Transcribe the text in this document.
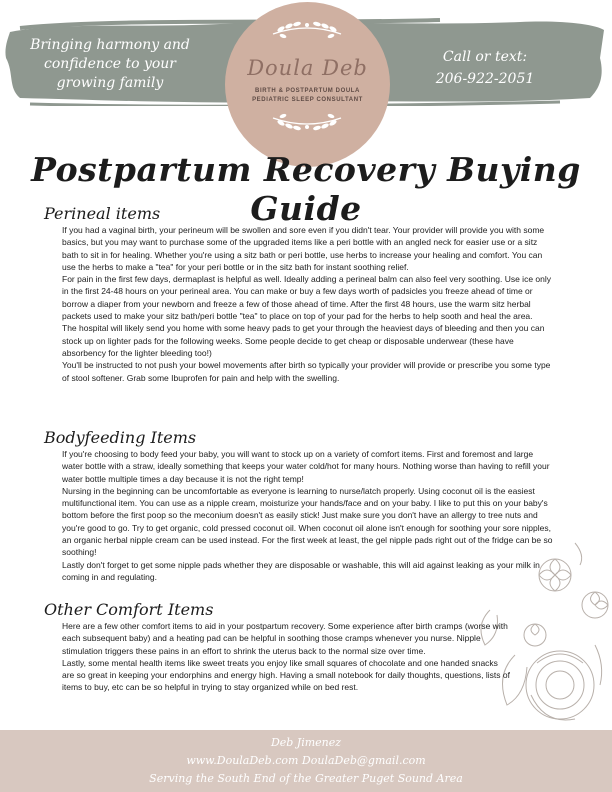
Bringing harmony and
confidence to your
growing family
Call or text:
206-922-2051
Doula Deb
BIRTH & POSTPARTUM DOULA
PEDIATRIC SLEEP CONSULTANT
Postpartum Recovery Buying Guide
Perineal items

If you had a vaginal birth, your perineum will be swollen and sore even if you didn't tear. Your provider will provide you with some basics, but you may want to purchase some of the upgraded items like a peri bottle with an angled neck for easier use or a sitz bath to sit in for healing. Whether you're using a sitz bath or peri bottle, use herbs to increase your healing and comfort. You can use the herbs to make a "tea" for your peri bottle or in the sitz bath for instant soothing relief.

For pain in the first few days, dermaplast is helpful as well. Ideally adding a perineal balm can also feel very soothing. Use ice only in the first 24-48 hours on your perineal area. You can make or buy a few days worth of padsicles you freeze ahead of time or borrow a diaper from your newborn and freeze a few of those ahead of time. After the first 48 hours, use the warm sitz herbal packets used to make your sitz bath/peri bottle "tea" to place on top of your pad for the herbs to help sooth and heal the area.

The hospital will likely send you home with some heavy pads to get your through the heaviest days of bleeding and then you can stock up on lighter pads for the following weeks. Some people decide to get cheap or disposable underwear (these have absorbency for the lighter bleeding too!)

You'll be instructed to not push your bowel movements after birth so typically your provider will provide or prescribe you some type of stool softener. Grab some Ibuprofen for pain and help with the swelling.

Bodyfeeding Items

If you're choosing to body feed your baby, you will want to stock up on a variety of comfort items. First and foremost and large water bottle with a straw, ideally something that keeps your water cold/hot for many hours. Nothing worse than having to refill your water bottle multiple times a day because it is not the right temp!

Nursing in the beginning can be uncomfortable as everyone is learning to nurse/latch properly. Using coconut oil is the easiest multifunctional item. You can use as a nipple cream, moisturize your hands/face and on your baby. I like to put this on your baby's bottom before the first poop so the meconium doesn't as easily stick! Just make sure you don't have an allergy to tree nuts and you're good to go. Try to get organic, cold pressed coconut oil. When coconut oil alone isn't enough for soothing your sore nipples, an organic herbal nipple cream can be used instead. For the first week at least, the gel nipple pads right out of the fridge can be so soothing!

Lastly don't forget to get some nipple pads whether they are disposable or washable, this will aid against leaking as your milk in coming in and regulating.

Other Comfort Items

Here are a few other comfort items to aid in your postpartum recovery. Some experience after birth cramps (worse with each subsequent baby) and a heating pad can be helpful in soothing those cramps whenever you nurse. Nipple stimulation triggers these pains in an effort to shrink the uterus back to the normal size over time.

Lastly, some mental health items like sweet treats you enjoy like small squares of chocolate and one handed snacks are so great in keeping your endorphins and energy high. Having a small notebook for daily thoughts, questions, lists of items to buy, etc can be so helpful in trying to stay organized while on bed rest.

Deb Jimenez
www.DoulaDeb.com DoulaDeb@gmail.com
Serving the South End of the Greater Puget Sound Area
